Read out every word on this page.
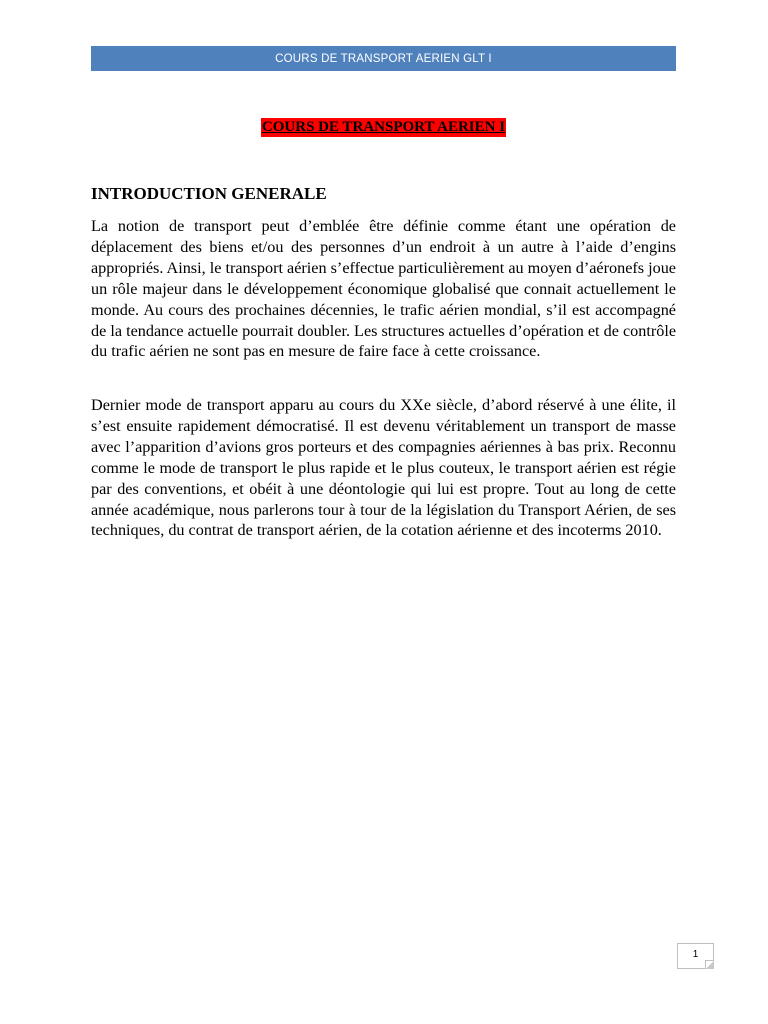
COURS DE TRANSPORT AERIEN GLT I
COURS DE TRANSPORT AERIEN I
INTRODUCTION GENERALE

La notion de transport peut d’emblée être définie comme étant une opération de déplacement des biens et/ou des personnes d’un endroit à un autre à l’aide d’engins appropriés. Ainsi, le transport aérien s’effectue particulièrement au moyen d’aéronefs joue un rôle majeur dans le développement économique globalisé que connait actuellement le monde. Au cours des prochaines décennies, le trafic aérien mondial, s’il est accompagné de la tendance actuelle pourrait doubler. Les structures actuelles d’opération et de contrôle du trafic aérien ne sont pas en mesure de faire face à cette croissance.

Dernier mode de transport apparu au cours du XXe siècle, d’abord réservé à une élite, il s’est ensuite rapidement démocratisé. Il est devenu véritablement un transport de masse avec l’apparition d’avions gros porteurs et des compagnies aériennes à bas prix. Reconnu comme le mode de transport le plus rapide et le plus couteux, le transport aérien est régie par des conventions, et obéit à une déontologie qui lui est propre. Tout au long de cette année académique, nous parlerons tour à tour de la législation du Transport Aérien, de ses techniques, du contrat de transport aérien, de la cotation aérienne et des incoterms 2010.

1
